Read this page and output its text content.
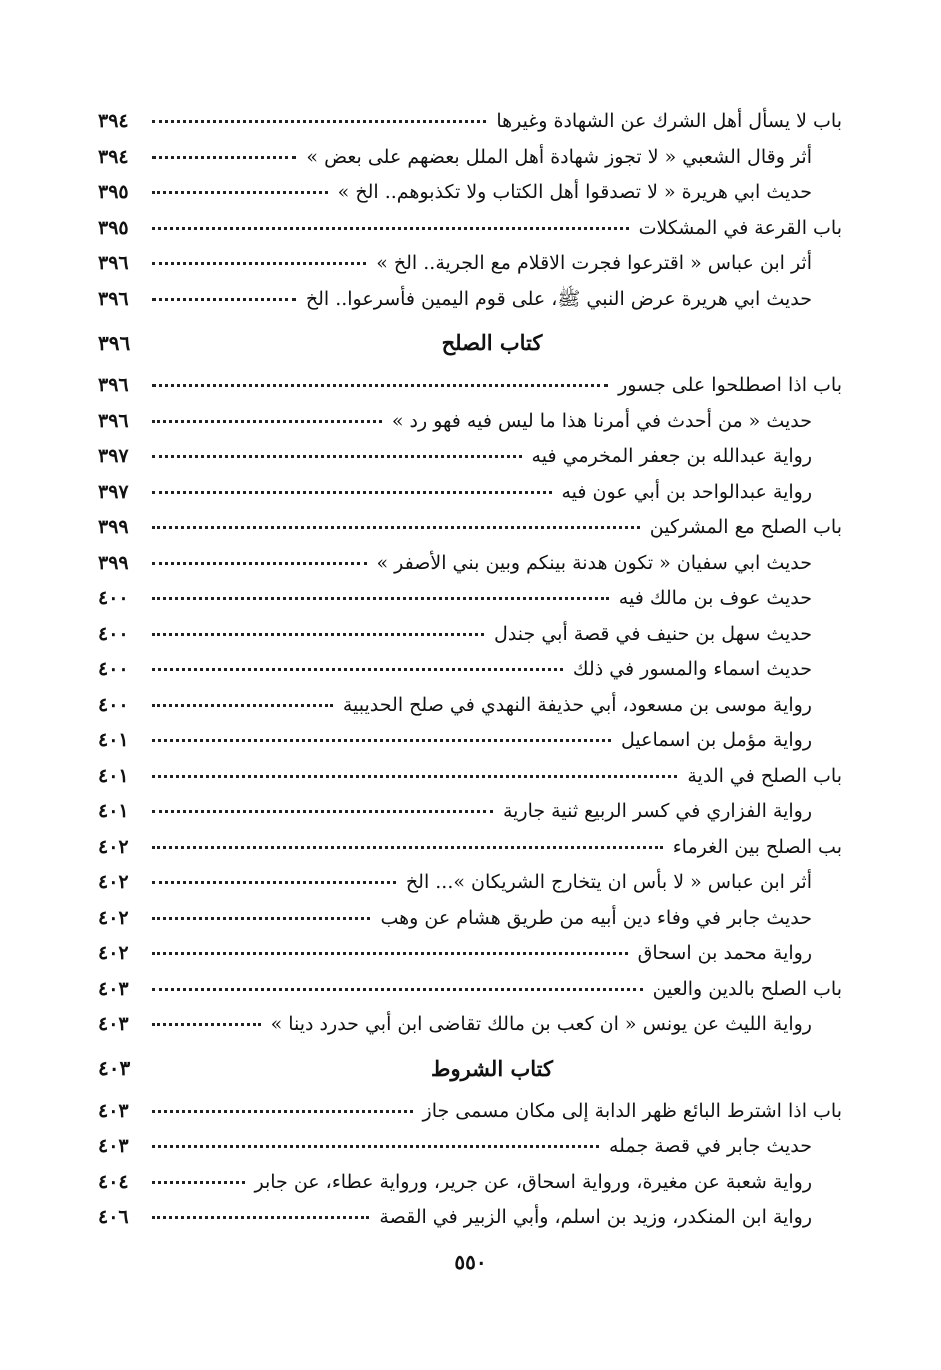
باب لا يسأل أهل الشرك عن الشهادة وغيرها
٣٩٤
أثر وقال الشعبي « لا تجوز شهادة أهل الملل بعضهم على بعض »
٣٩٤
حديث ابي هريرة « لا تصدقوا أهل الكتاب ولا تكذبوهم.. الخ »
٣٩٥
باب القرعة في المشكلات
٣٩٥
أثر ابن عباس « اقترعوا فجرت الاقلام مع الجرية.. الخ »
٣٩٦
حديث ابي هريرة عرض النبي ﷺ، على قوم اليمين فأسرعوا.. الخ
٣٩٦
كتاب الصلح
٣٩٦
باب اذا اصطلحوا على جسور
٣٩٦
حديث « من أحدث في أمرنا هذا ما ليس فيه فهو رد »
٣٩٦
رواية عبدالله بن جعفر المخرمي فيه
٣٩٧
رواية عبدالواحد بن أبي عون فيه
٣٩٧
باب الصلح مع المشركين
٣٩٩
حديث ابي سفيان « تكون هدنة بينكم وبين بني الأصفر »
٣٩٩
حديث عوف بن مالك فيه
٤٠٠
حديث سهل بن حنيف في قصة أبي جندل
٤٠٠
حديث اسماء والمسور في ذلك
٤٠٠
رواية موسى بن مسعود، أبي حذيفة النهدي في صلح الحديبية
٤٠٠
رواية مؤمل بن اسماعيل
٤٠١
باب الصلح في الدية
٤٠١
رواية الفزاري في كسر الربيع ثنية جارية
٤٠١
بب الصلح بين الغرماء
٤٠٢
أثر ابن عباس « لا بأس ان يتخارج الشريكان »... الخ
٤٠٢
حديث جابر في وفاء دين أبيه من طريق هشام عن وهب
٤٠٢
رواية محمد بن اسحاق
٤٠٢
باب الصلح بالدين والعين
٤٠٣
رواية الليث عن يونس « ان كعب بن مالك تقاضى ابن أبي حدرد دينا »
٤٠٣
كتاب الشروط
٤٠٣
باب اذا اشترط البائع ظهر الدابة إلى مكان مسمى جاز
٤٠٣
حديث جابر في قصة جمله
٤٠٣
رواية شعبة عن مغيرة، ورواية اسحاق، عن جرير، ورواية عطاء، عن جابر
٤٠٤
رواية ابن المنكدر، وزيد بن اسلم، وأبي الزبير في القصة
٤٠٦
٥٥٠
